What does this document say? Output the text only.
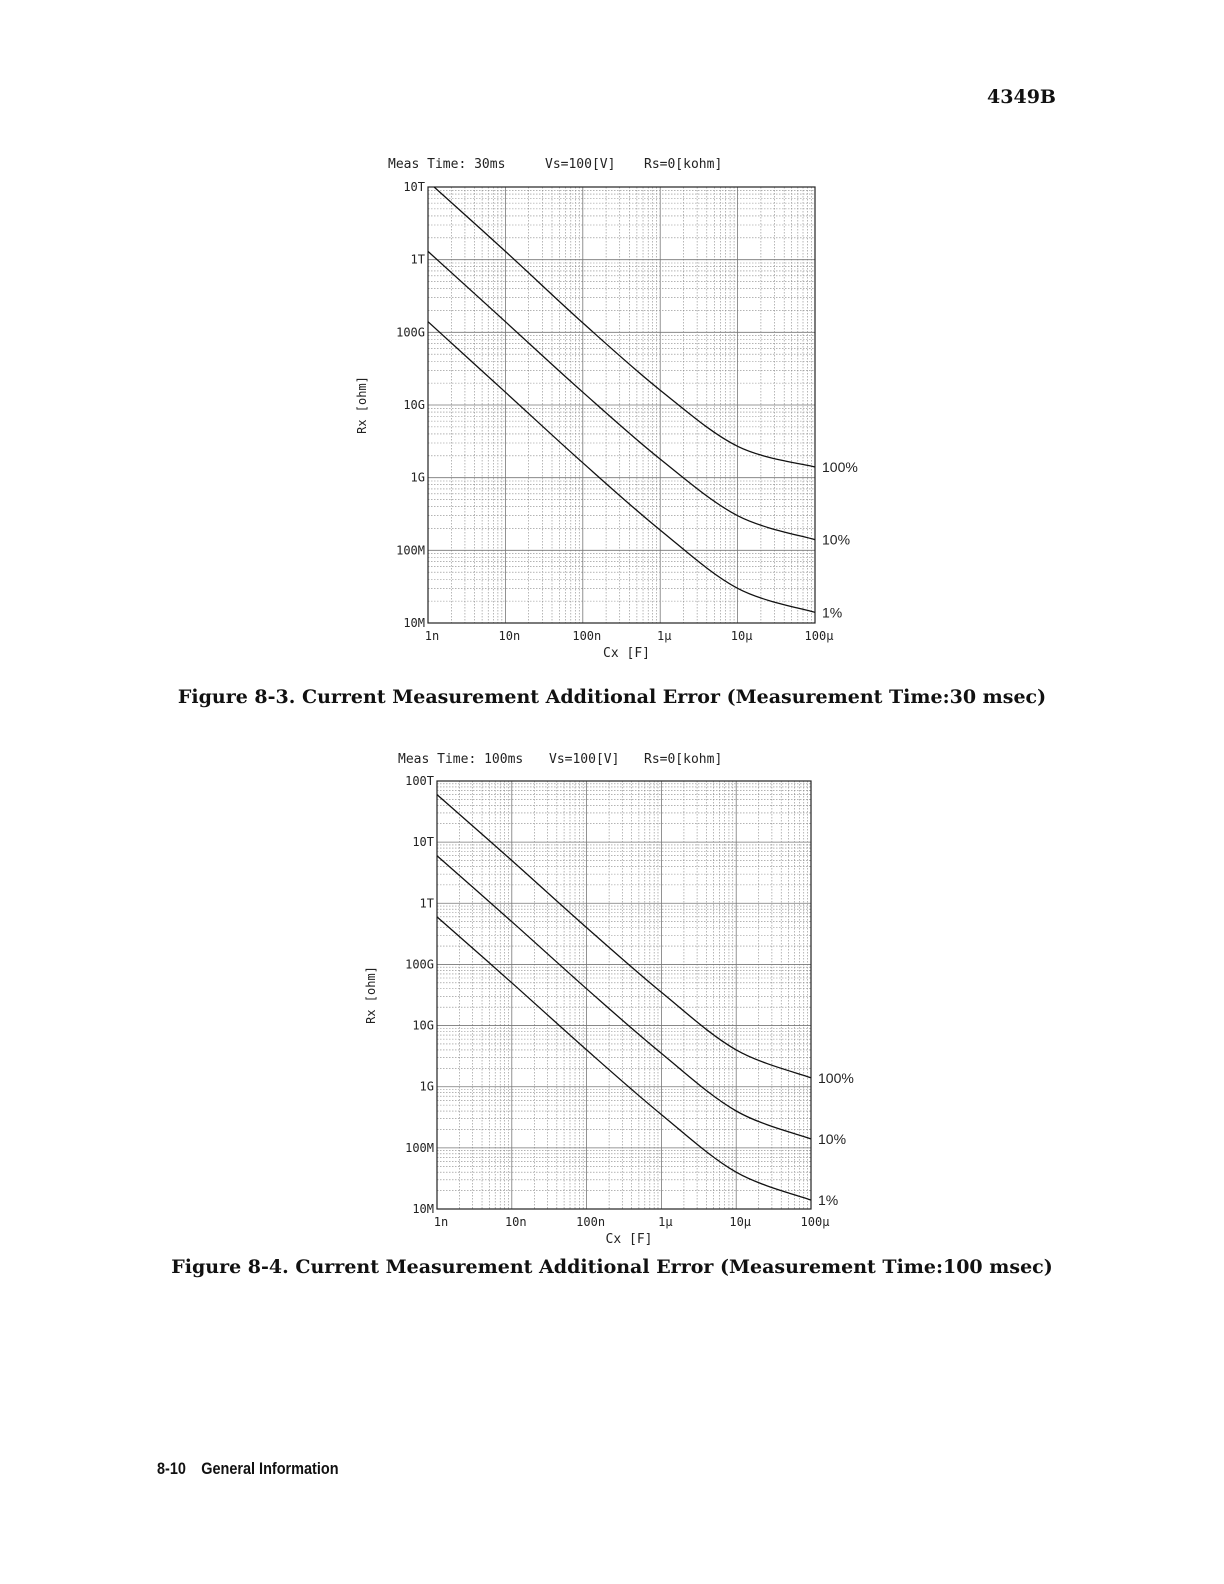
4349B
Meas Time: 30ms	Vs=100[V] Rs=0[kohm]
10T
1T
100G
10G
1G
100M
10M
1n	10n	100n	1μ	10μ	100μ
Cx [F]
Rx [ohm]
100%
10%
1%
Figure 8-3. Current Measurement Additional Error (Measurement Time:30 msec)
Meas Time: 100ms Vs=100[V] Rs=0[kohm]
100T
10T
1T
100G
10G
1G
100M
10M
1n	10n	100n	1μ	10μ	100μ
Cx [F]
Rx [ohm]
100%
10%
1%
Figure 8-4. Current Measurement Additional Error (Measurement Time:100 msec)
8-10 General Information
